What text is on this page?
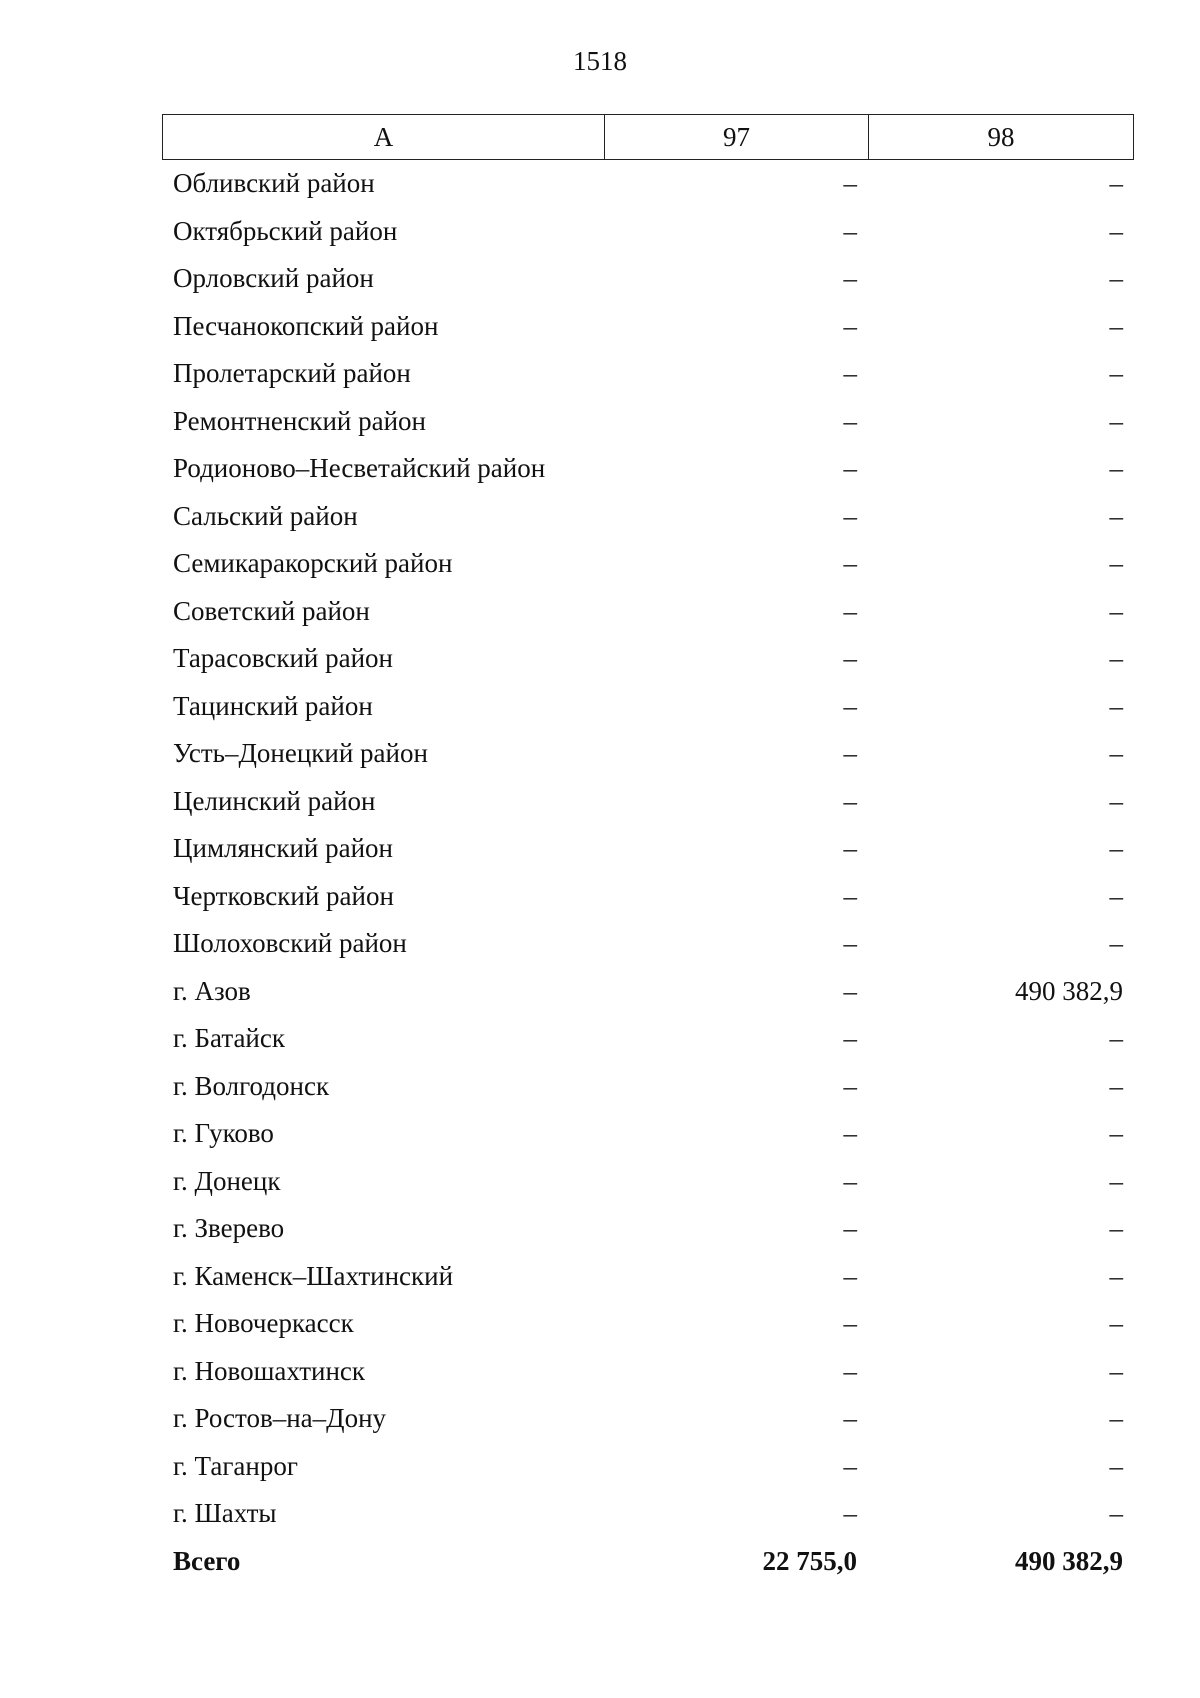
1518
А	97	98
Обливский район	–	–
Октябрьский район	–	–
Орловский район	–	–
Песчанокопский район	–	–
Пролетарский район	–	–
Ремонтненский район	–	–
Родионово–Несветайский район	–	–
Сальский район	–	–
Семикаракорский район	–	–
Советский район	–	–
Тарасовский район	–	–
Тацинский район	–	–
Усть–Донецкий район	–	–
Целинский район	–	–
Цимлянский район	–	–
Чертковский район	–	–
Шолоховский район	–	–
г. Азов	–	490 382,9
г. Батайск	–	–
г. Волгодонск	–	–
г. Гуково	–	–
г. Донецк	–	–
г. Зверево	–	–
г. Каменск–Шахтинский	–	–
г. Новочеркасск	–	–
г. Новошахтинск	–	–
г. Ростов–на–Дону	–	–
г. Таганрог	–	–
г. Шахты	–	–
Всего	22 755,0	490 382,9
